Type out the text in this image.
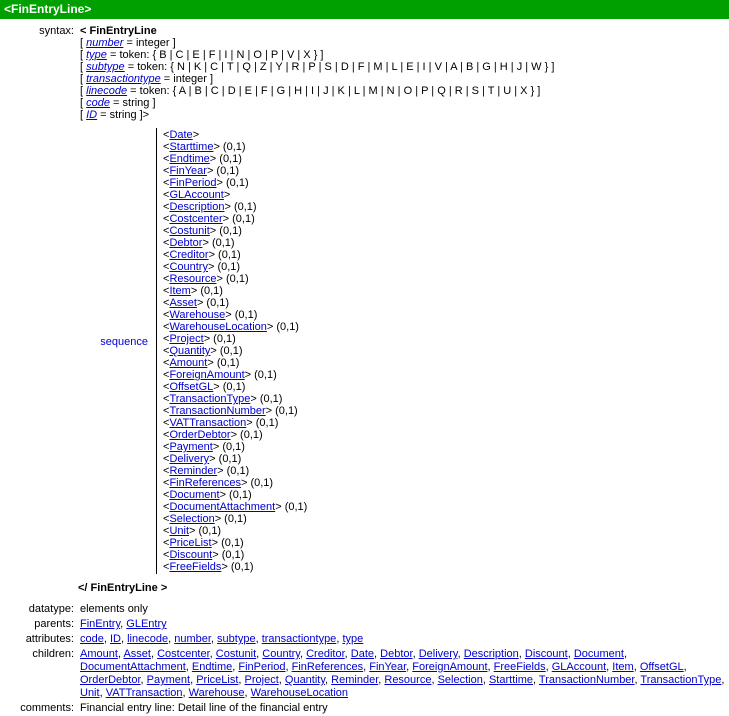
<FinEntryLine>
syntax: < FinEntryLine
[ number = integer ]
[ type = token: { B | C | E | F | I | N | O | P | V | X } ]
[ subtype = token: { N | K | C | T | Q | Z | Y | R | P | S | D | F | M | L | E | I | V | A | B | G | H | J | W } ]
[ transactiontype = integer ]
[ linecode = token: { A | B | C | D | E | F | G | H | I | J | K | L | M | N | O | P | Q | R | S | T | U | X } ]
[ code = string ]
[ ID = string ]>
sequence
<Date>
<Starttime> (0,1)
<Endtime> (0,1)
<FinYear> (0,1)
<FinPeriod> (0,1)
<GLAccount>
<Description> (0,1)
<Costcenter> (0,1)
<Costunit> (0,1)
<Debtor> (0,1)
<Creditor> (0,1)
<Country> (0,1)
<Resource> (0,1)
<Item> (0,1)
<Asset> (0,1)
<Warehouse> (0,1)
<WarehouseLocation> (0,1)
<Project> (0,1)
<Quantity> (0,1)
<Amount> (0,1)
<ForeignAmount> (0,1)
<OffsetGL> (0,1)
<TransactionType> (0,1)
<TransactionNumber> (0,1)
<VATTransaction> (0,1)
<OrderDebtor> (0,1)
<Payment> (0,1)
<Delivery> (0,1)
<Reminder> (0,1)
<FinReferences> (0,1)
<Document> (0,1)
<DocumentAttachment> (0,1)
<Selection> (0,1)
<Unit> (0,1)
<PriceList> (0,1)
<Discount> (0,1)
<FreeFields> (0,1)
</ FinEntryLine >
datatype: elements only
parents: FinEntry, GLEntry
attributes: code, ID, linecode, number, subtype, transactiontype, type
children: Amount, Asset, Costcenter, Costunit, Country, Creditor, Date, Debtor, Delivery, Description, Discount, Document, DocumentAttachment, Endtime, FinPeriod, FinReferences, FinYear, ForeignAmount, FreeFields, GLAccount, Item, OffsetGL, OrderDebtor, Payment, PriceList, Project, Quantity, Reminder, Resource, Selection, Starttime, TransactionNumber, TransactionType, Unit, VATTransaction, Warehouse, WarehouseLocation
comments: Financial entry line: Detail line of the financial entry
